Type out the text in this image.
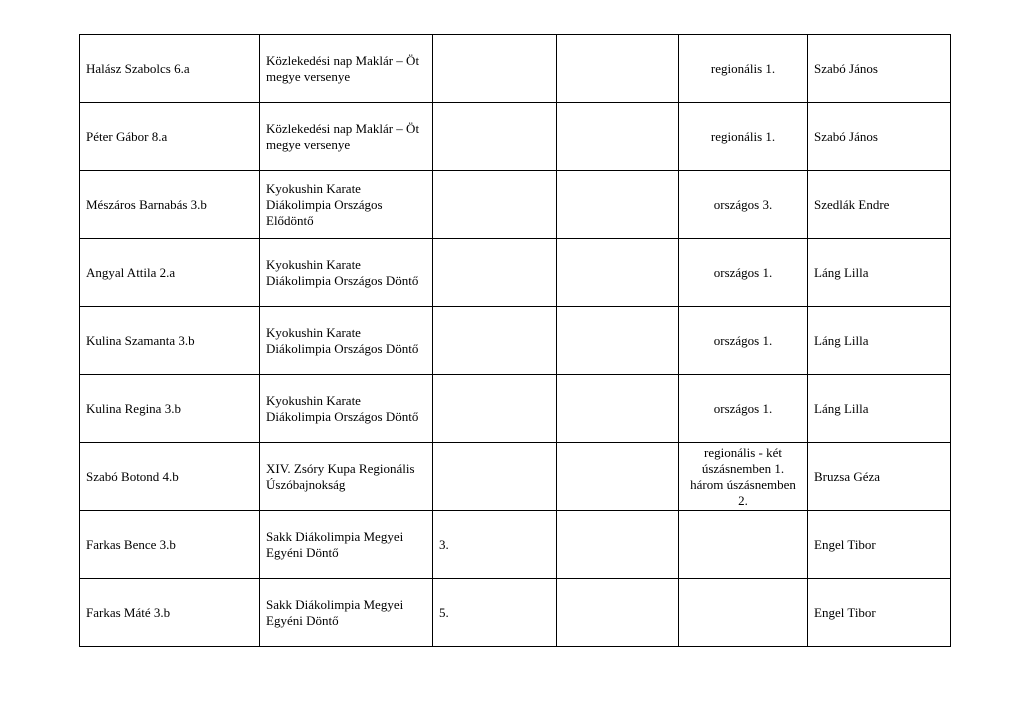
Halász Szabolcs 6.a	Közlekedési nap Maklár – Öt megye versenye			regionális 1.	Szabó János
Péter Gábor 8.a	Közlekedési nap Maklár – Öt megye versenye			regionális 1.	Szabó János
Mészáros Barnabás 3.b	Kyokushin Karate Diákolimpia Országos Elődöntő			országos 3.	Szedlák Endre
Angyal Attila 2.a	Kyokushin Karate Diákolimpia Országos Döntő			országos 1.	Láng Lilla
Kulina Szamanta 3.b	Kyokushin Karate Diákolimpia Országos Döntő			országos 1.	Láng Lilla
Kulina Regina 3.b	Kyokushin Karate Diákolimpia Országos Döntő			országos 1.	Láng Lilla
Szabó Botond 4.b	XIV. Zsóry Kupa Regionális Úszóbajnokság			regionális - két úszásnemben 1. három úszásnemben 2.	Bruzsa Géza
Farkas Bence 3.b	Sakk Diákolimpia Megyei Egyéni Döntő	3.			Engel Tibor
Farkas Máté 3.b	Sakk Diákolimpia Megyei Egyéni Döntő	5.			Engel Tibor
